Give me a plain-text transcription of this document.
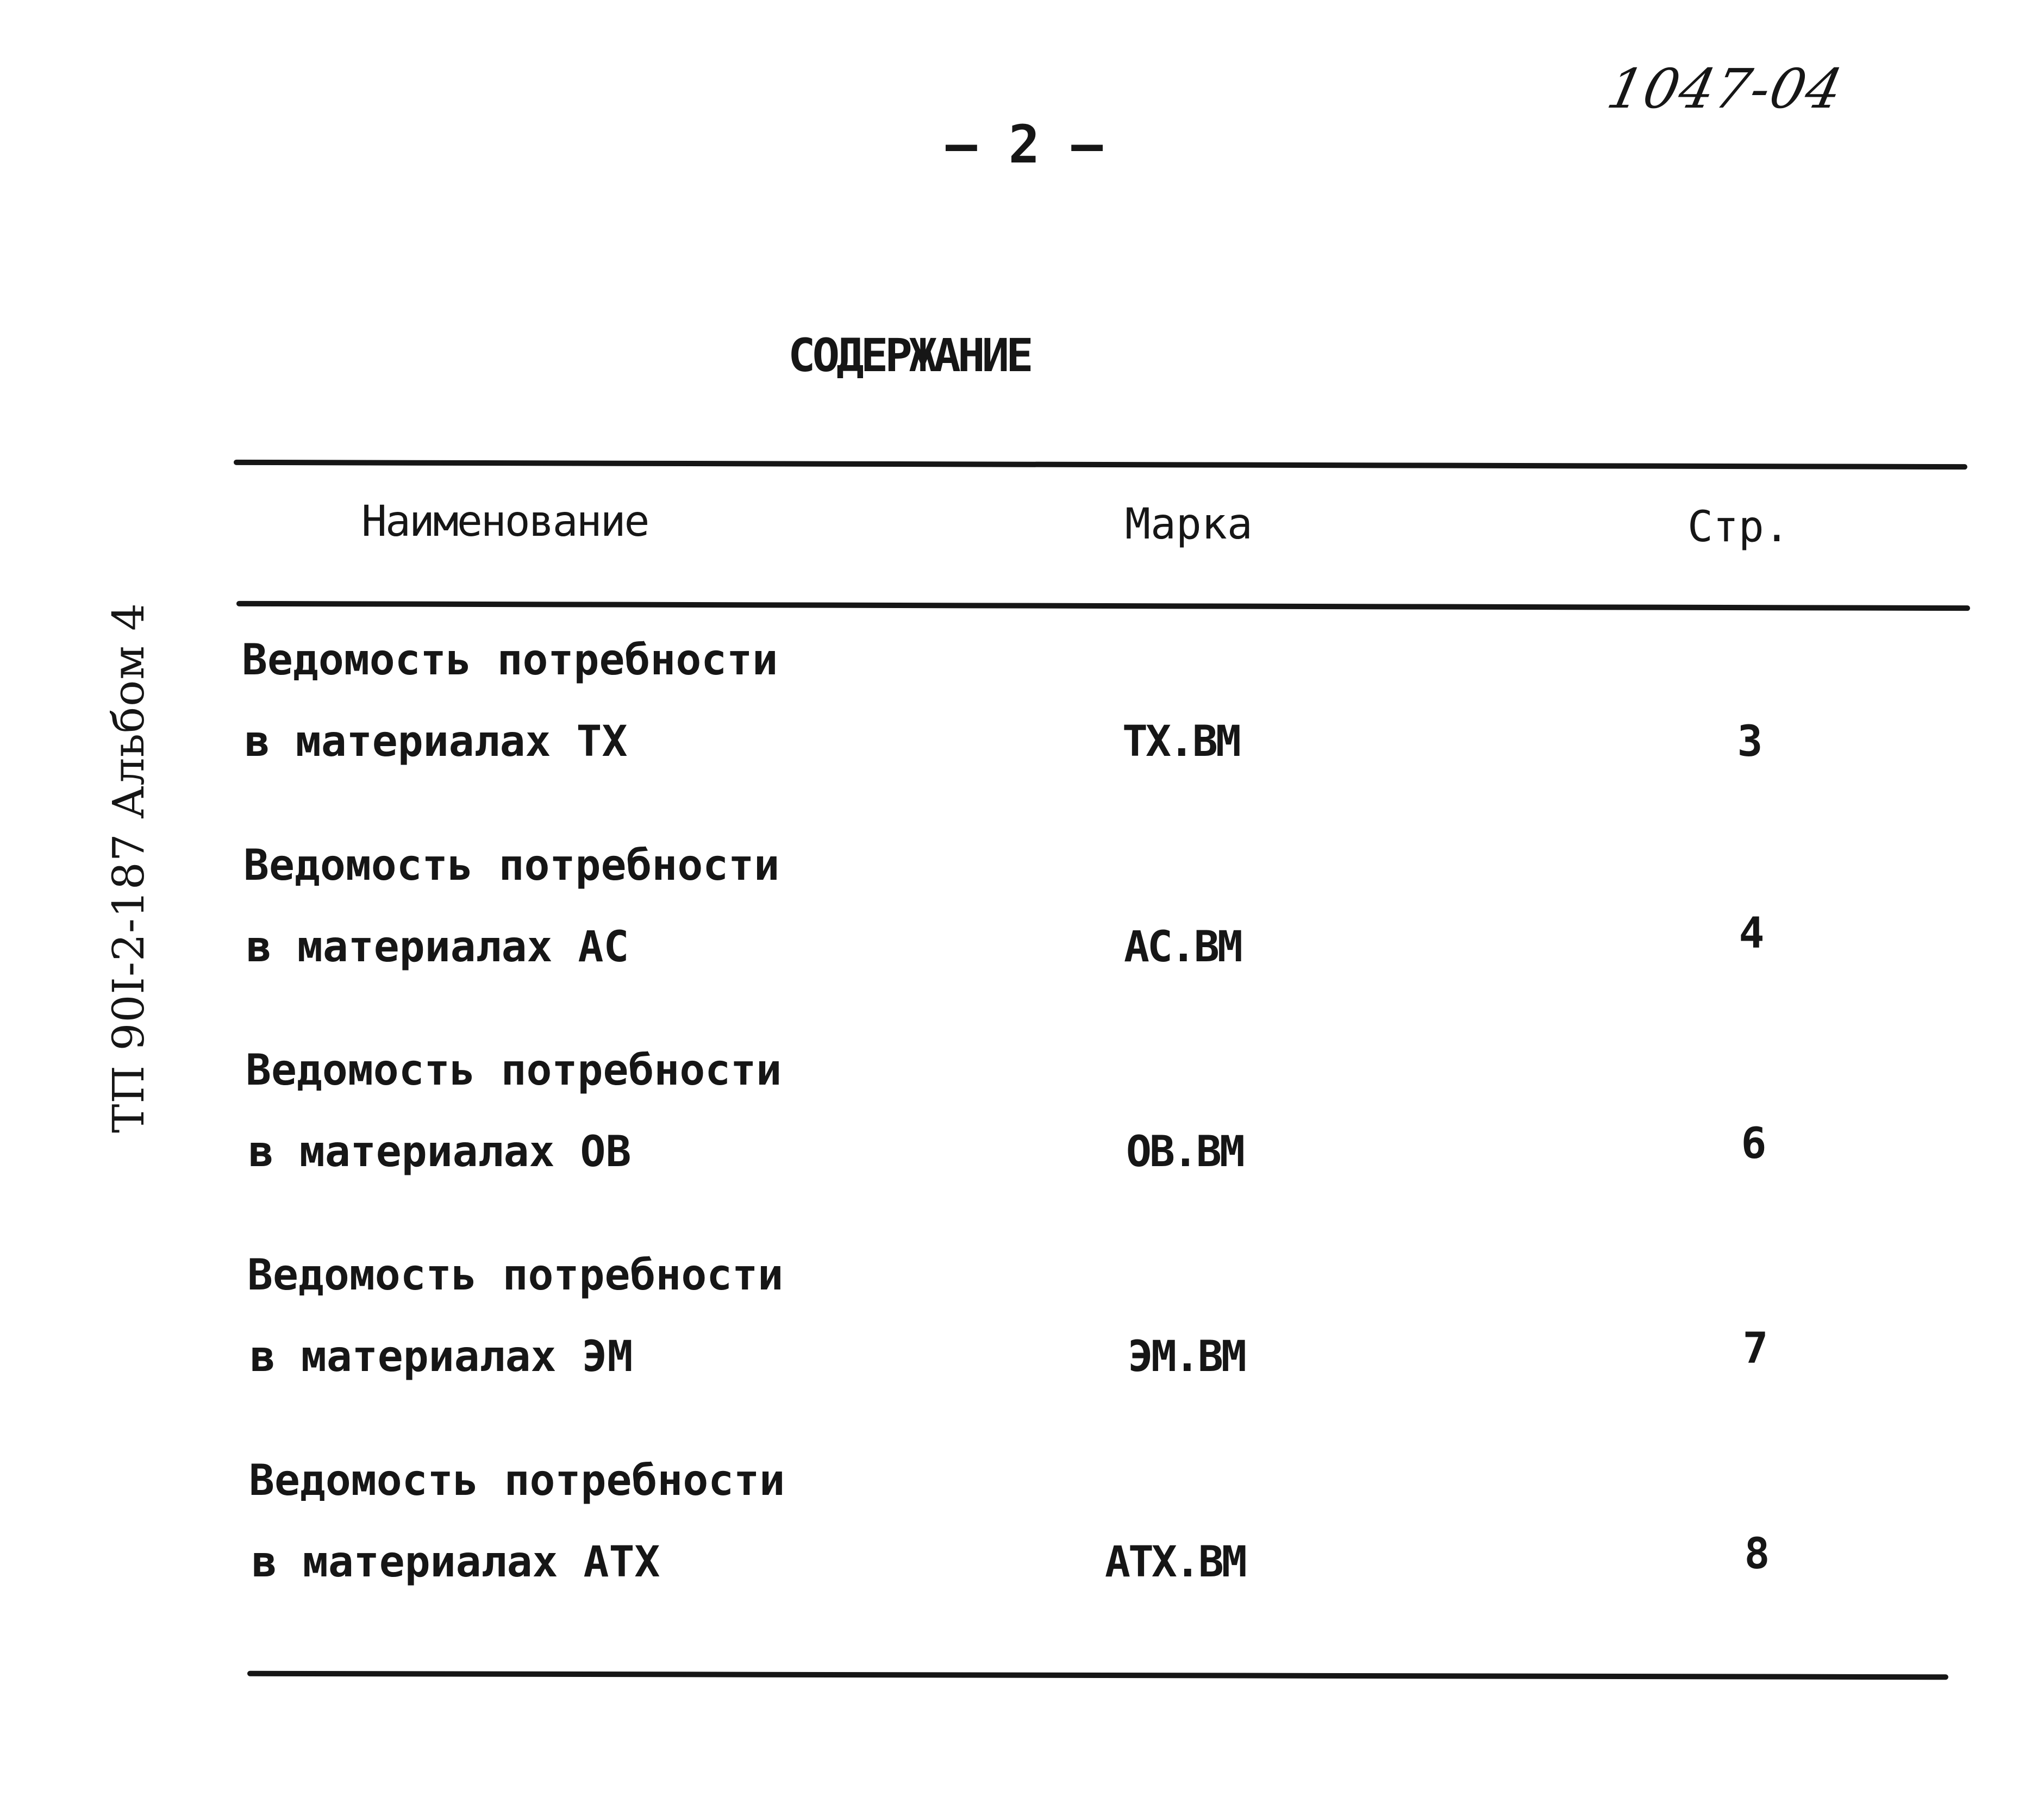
1047-04
— 2 —
СОДЕРЖАНИЕ
ТП 90I-2-187 Альбом 4
Наименование	Марка	Стр.
Ведомость потребности
в материалах ТХ	ТХ.ВМ	3
Ведомость потребности
в материалах АС	АС.ВМ	4
Ведомость потребности
в материалах ОВ	ОВ.ВМ	6
Ведомость потребности
в материалах ЭМ	ЭМ.ВМ	7
Ведомость потребности
в материалах АТХ	АТХ.ВМ	8
